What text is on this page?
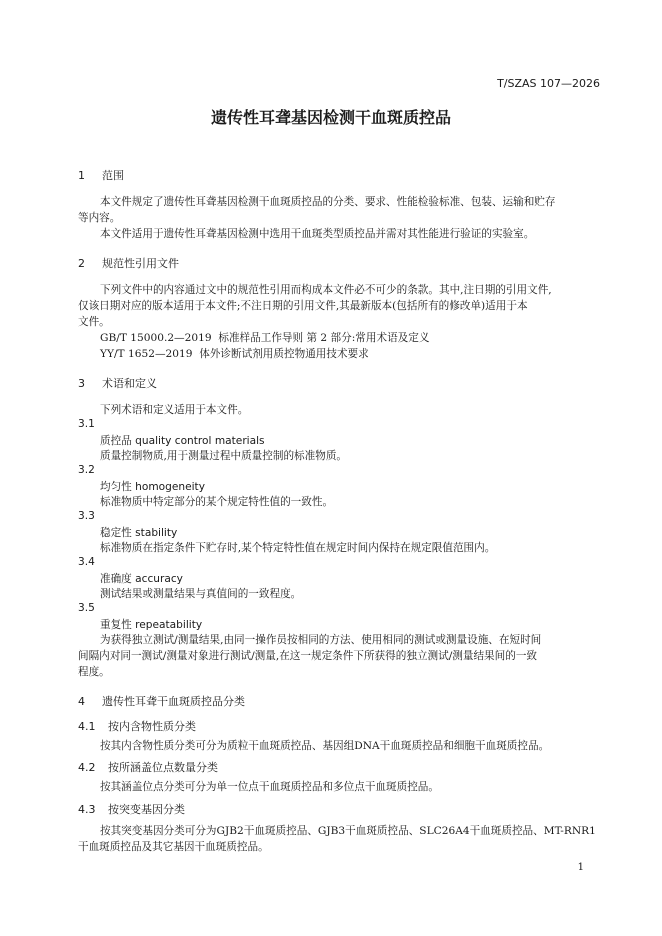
T/SZAS 107—2026
遗传性耳聋基因检测干血斑质控品
1 范围
本文件规定了遗传性耳聋基因检测干血斑质控品的分类、要求、性能检验标准、包装、运输和贮存
等内容。
本文件适用于遗传性耳聋基因检测中选用干血斑类型质控品并需对其性能进行验证的实验室。
2 规范性引用文件
下列文件中的内容通过文中的规范性引用而构成本文件必不可少的条款。其中,注日期的引用文件,
仅该日期对应的版本适用于本文件;不注日期的引用文件,其最新版本(包括所有的修改单)适用于本
文件。
GB/T 15000.2—2019  标准样品工作导则 第 2 部分:常用术语及定义
YY/T 1652—2019  体外诊断试剂用质控物通用技术要求
3 术语和定义
下列术语和定义适用于本文件。
3.1
质控品 quality control materials
质量控制物质,用于测量过程中质量控制的标准物质。
3.2
均匀性 homogeneity
标准物质中特定部分的某个规定特性值的一致性。
3.3
稳定性 stability
标准物质在指定条件下贮存时,某个特定特性值在规定时间内保持在规定限值范围内。
3.4
准确度 accuracy
测试结果或测量结果与真值间的一致程度。
3.5
重复性 repeatability
为获得独立测试/测量结果,由同一操作员按相同的方法、使用相同的测试或测量设施、在短时间
间隔内对同一测试/测量对象进行测试/测量,在这一规定条件下所获得的独立测试/测量结果间的一致
程度。
4 遗传性耳聋干血斑质控品分类
4.1 按内含物性质分类
按其内含物性质分类可分为质粒干血斑质控品、基因组DNA干血斑质控品和细胞干血斑质控品。
4.2 按所涵盖位点数量分类
按其涵盖位点分类可分为单一位点干血斑质控品和多位点干血斑质控品。
4.3 按突变基因分类
按其突变基因分类可分为GJB2干血斑质控品、GJB3干血斑质控品、SLC26A4干血斑质控品、MT-RNR1
干血斑质控品及其它基因干血斑质控品。
1
